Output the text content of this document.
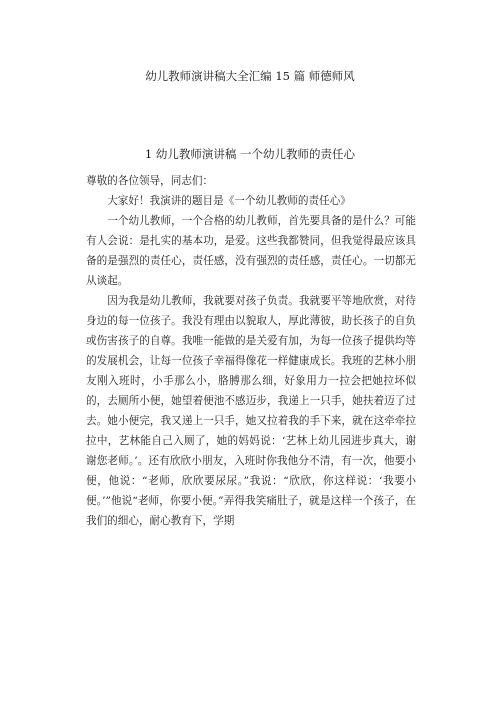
幼儿教师演讲稿大全汇编 15 篇 师德师风
1 幼儿教师演讲稿 一个幼儿教师的责任心

尊敬的各位领导，同志们：

大家好！我演讲的题目是《一个幼儿教师的责任心》

一个幼儿教师，一个合格的幼儿教师，首先要具备的是什么？可能有人会说：是扎实的基本功，是爱。这些我都赞同，但我觉得最应该具备的是强烈的责任心，责任感，没有强烈的责任感，责任心。一切都无从谈起。

因为我是幼儿教师，我就要对孩子负责。我就要平等地欣赏，对待身边的每一位孩子。我没有理由以貌取人，厚此薄彼，助长孩子的自负或伤害孩子的自尊。我唯一能做的是关爱有加，为每一位孩子提供均等的发展机会，让每一位孩子幸福得像花一样健康成长。我班的艺林小朋友刚入班时，小手那么小，胳膊那么细，好象用力一拉会把她拉坏似的，去厕所小便，她望着便池不感迈步，我递上一只手，她扶着迈了过去。她小便完，我又递上一只手，她又拉着我的手下来，就在这牵牵拉拉中，艺林能自己入厕了，她的妈妈说：‘艺林上幼儿园进步真大，谢谢您老师。’。还有欣欣小朋友，入班时你我他分不清，有一次，他要小便，他说：“老师，欣欣要尿尿。”我说：“欣欣，你这样说：‘我要小便。’”他说“老师，你要小便。”弄得我笑痛肚子，就是这样一个孩子，在我们的细心，耐心教育下，学期
